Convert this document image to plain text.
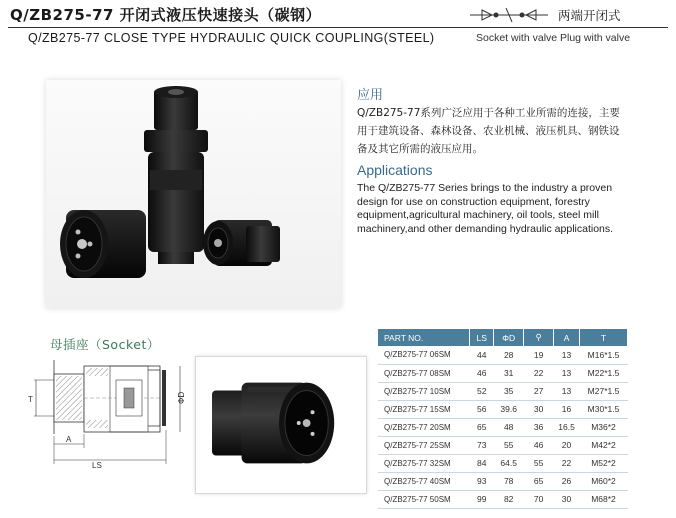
Q/ZB275-77 开闭式液压快速接头（碳钢）
Q/ZB275-77 CLOSE TYPE HYDRAULIC QUICK COUPLING(STEEL)
两端开闭式
Socket with valve Plug with valve
应用
Q/ZB275-77系列广泛应用于各种工业所需的连接，主要用于建筑设备、森林设备、农业机械、液压机具、钢铁设备及其它所需的液压应用。
Applications
The Q/ZB275-77 Series brings to the industry a proven design for use on construction equipment, forestry equipment,agricultural machinery, oil tools, steel mill machinery,and other demanding hydraulic applications.
母插座（Socket）
T
A
LS
ΦD
PART NO.	LS	ΦD	⚲	A	T
Q/ZB275-77 06SM	44	28	19	13	M16*1.5
Q/ZB275-77 08SM	46	31	22	13	M22*1.5
Q/ZB275-77 10SM	52	35	27	13	M27*1.5
Q/ZB275-77 15SM	56	39.6	30	16	M30*1.5
Q/ZB275-77 20SM	65	48	36	16.5	M36*2
Q/ZB275-77 25SM	73	55	46	20	M42*2
Q/ZB275-77 32SM	84	64.5	55	22	M52*2
Q/ZB275-77 40SM	93	78	65	26	M60*2
Q/ZB275-77 50SM	99	82	70	30	M68*2
